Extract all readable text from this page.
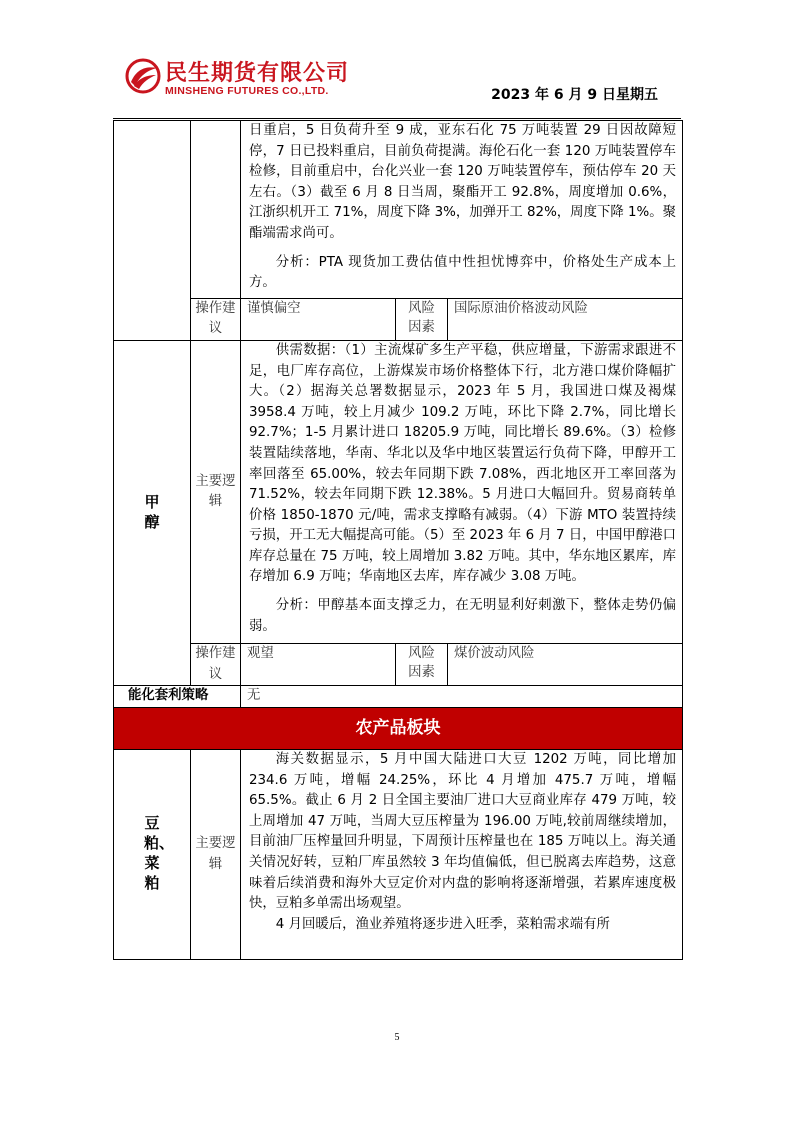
民生期货有限公司
MINSHENG FUTURES CO.,LTD.	2023 年 6 月 9 日星期五

		日重启，5 日负荷升至 9 成，亚东石化 75 万吨装置 29 日因故障短停，7 日已投料重启，目前负荷提满。海伦石化一套 120 万吨装置停车检修，目前重启中，台化兴业一套 120 万吨装置停车，预估停车 20 天左右。（3）截至 6 月 8 日当周，聚酯开工 92.8%，周度增加 0.6%，江浙织机开工 71%，周度下降 3%，加弹开工 82%，周度下降 1%。聚酯端需求尚可。

分析：PTA 现货加工费估值中性担忧博弈中，价格处生产成本上方。		

	操作建议	谨慎偏空	风险因素	国际原油价格波动风险
甲醇	主要逻辑	供需数据：（1）主流煤矿多生产平稳，供应增量，下游需求跟进不足，电厂库存高位，上游煤炭市场价格整体下行，北方港口煤价降幅扩大。（2）据海关总署数据显示，2023 年 5 月，我国进口煤及褐煤 3958.4 万吨，较上月减少 109.2 万吨，环比下降 2.7%，同比增长 92.7%；1-5 月累计进口 18205.9 万吨，同比增长 89.6%。（3）检修装置陆续落地，华南、华北以及华中地区装置运行负荷下降，甲醇开工率回落至 65.00%，较去年同期下跌 7.08%，西北地区开工率回落为 71.52%，较去年同期下跌 12.38%。5 月进口大幅回升。贸易商转单价格 1850-1870 元/吨，需求支撑略有减弱。（4）下游 MTO 装置持续亏损，开工无大幅提高可能。（5）至 2023 年 6 月 7 日，中国甲醇港口库存总量在 75 万吨，较上周增加 3.82 万吨。其中，华东地区累库，库存增加 6.9 万吨；华南地区去库，库存减少 3.08 万吨。

分析：甲醇基本面支撑乏力，在无明显利好刺激下，整体走势仍偏弱。		

	操作建议	观望	风险因素	煤价波动风险
能化套利策略		无		
农产品板块				
豆粕、菜粕	主要逻辑	海关数据显示，5 月中国大陆进口大豆 1202 万吨，同比增加 234.6 万吨，增幅 24.25%，环比 4 月增加 475.7 万吨，增幅 65.5%。截止 6 月 2 日全国主要油厂进口大豆商业库存 479 万吨，较上周增加 47 万吨，当周大豆压榨量为 196.00 万吨,较前周继续增加，目前油厂压榨量回升明显，下周预计压榨量也在 185 万吨以上。海关通关情况好转，豆粕厂库虽然较 3 年均值偏低，但已脱离去库趋势，这意味着后续消费和海外大豆定价对内盘的影响将逐渐增强，若累库速度极快，豆粕多单需出场观望。

4 月回暖后，渔业养殖将逐步进入旺季，菜粕需求端有所		

5
